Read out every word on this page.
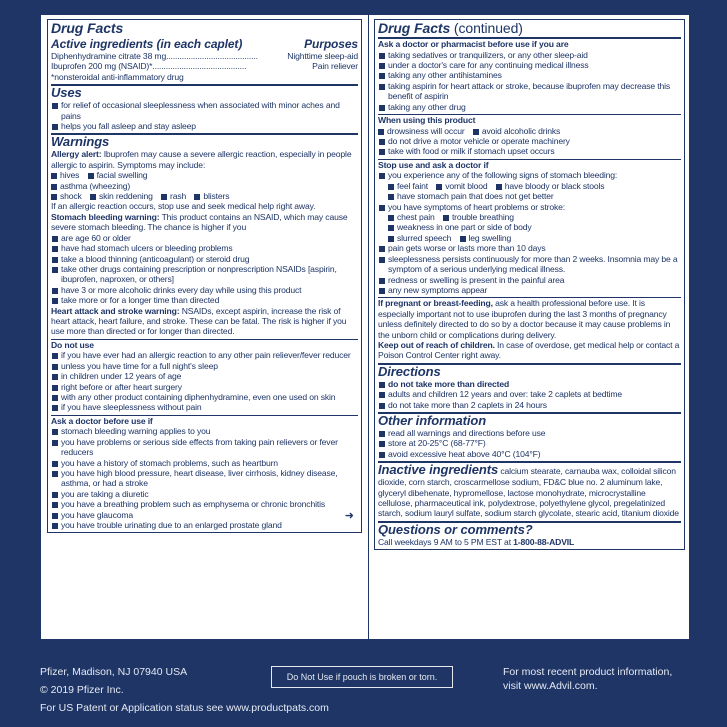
Drug Facts
Active ingredients (in each caplet)	Purposes
Diphenhydramine citrate 38 mg.........................................	Nighttime sleep-aid
Ibuprofen 200 mg (NSAID)*..........................................	Pain reliever
*nonsteroidal anti-inflammatory drug
Uses
for relief of occasional sleeplessness when associated with minor aches and pains
helps you fall asleep and stay asleep
Warnings
Allergy alert: Ibuprofen may cause a severe allergic reaction, especially in people allergic to aspirin. Symptoms may include:
hives facial swelling
asthma (wheezing)
shock skin reddening rash blisters
If an allergic reaction occurs, stop use and seek medical help right away.
Stomach bleeding warning: This product contains an NSAID, which may cause severe stomach bleeding. The chance is higher if you
are age 60 or older
have had stomach ulcers or bleeding problems
take a blood thinning (anticoagulant) or steroid drug
take other drugs containing prescription or nonprescription NSAIDs [aspirin, ibuprofen, naproxen, or others]
have 3 or more alcoholic drinks every day while using this product
take more or for a longer time than directed
Heart attack and stroke warning: NSAIDs, except aspirin, increase the risk of heart attack, heart failure, and stroke. These can be fatal. The risk is higher if you use more than directed or for longer than directed.
Do not use
if you have ever had an allergic reaction to any other pain reliever/fever reducer
unless you have time for a full night's sleep
in children under 12 years of age
right before or after heart surgery
with any other product containing diphenhydramine, even one used on skin
if you have sleeplessness without pain
Ask a doctor before use if
stomach bleeding warning applies to you
you have problems or serious side effects from taking pain relievers or fever reducers
you have a history of stomach problems, such as heartburn
you have high blood pressure, heart disease, liver cirrhosis, kidney disease, asthma, or had a stroke
you are taking a diuretic
you have a breathing problem such as emphysema or chronic bronchitis
you have glaucoma
you have trouble urinating due to an enlarged prostate gland
➜
Drug Facts (continued)
Ask a doctor or pharmacist before use if you are
taking sedatives or tranquilizers, or any other sleep-aid
under a doctor's care for any continuing medical illness
taking any other antihistamines
taking aspirin for heart attack or stroke, because ibuprofen may decrease this benefit of aspirin
taking any other drug
When using this product
drowsiness will occur avoid alcoholic drinks
do not drive a motor vehicle or operate machinery
take with food or milk if stomach upset occurs
Stop use and ask a doctor if
you experience any of the following signs of stomach bleeding:
feel faint vomit blood have bloody or black stools
have stomach pain that does not get better
you have symptoms of heart problems or stroke:
chest pain trouble breathing
weakness in one part or side of body
slurred speech leg swelling
pain gets worse or lasts more than 10 days
sleeplessness persists continuously for more than 2 weeks. Insomnia may be a symptom of a serious underlying medical illness.
redness or swelling is present in the painful area
any new symptoms appear
If pregnant or breast-feeding, ask a health professional before use. It is especially important not to use ibuprofen during the last 3 months of pregnancy unless definitely directed to do so by a doctor because it may cause problems in the unborn child or complications during delivery.
Keep out of reach of children. In case of overdose, get medical help or contact a Poison Control Center right away.
Directions
do not take more than directed
adults and children 12 years and over: take 2 caplets at bedtime
do not take more than 2 caplets in 24 hours
Other information
read all warnings and directions before use
store at 20-25°C (68-77°F)
avoid excessive heat above 40°C (104°F)
Inactive ingredients calcium stearate, carnauba wax, colloidal silicon dioxide, corn starch, croscarmellose sodium, FD&C blue no. 2 aluminum lake, glyceryl dibehenate, hypromellose, lactose monohydrate, microcrystalline cellulose, pharmaceutical ink, polydextrose, polyethylene glycol, pregelatinized starch, sodium lauryl sulfate, sodium starch glycolate, stearic acid, titanium dioxide
Questions or comments?
Call weekdays 9 AM to 5 PM EST at 1-800-88-ADVIL
Pfizer, Madison, NJ 07940 USA
© 2019 Pfizer Inc.
For US Patent or Application status see www.productpats.com
For most recent product information,
visit www.Advil.com.
Do Not Use if pouch is broken or torn.
